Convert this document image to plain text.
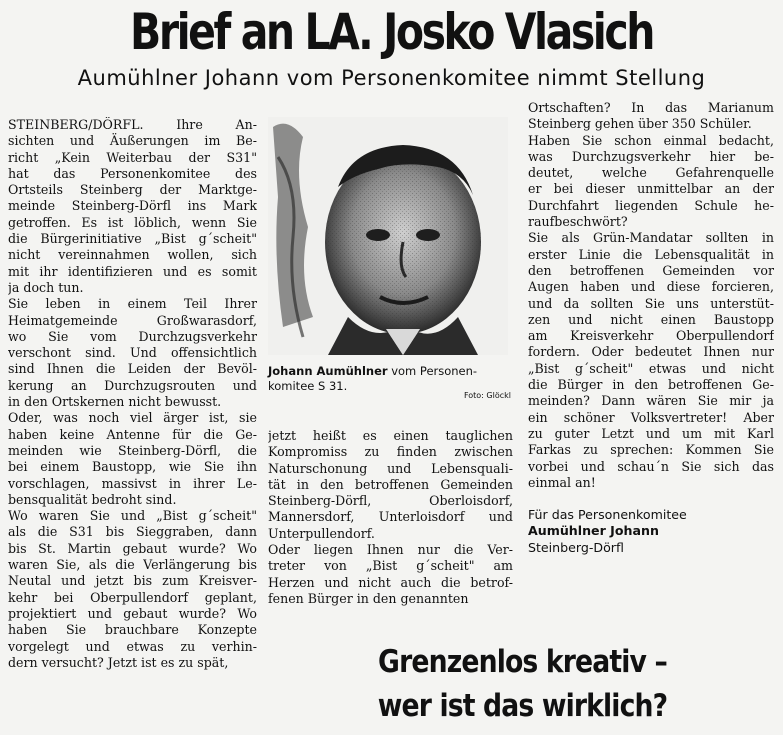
Brief an LA. Josko Vlasich
Aumühlner Johann vom Personenkomitee nimmt Stellung
STEINBERG/DÖRFL. Ihre An-
sichten und Äußerungen im Be-
richt „Kein Weiterbau der S31"
hat das Personenkomitee des
Ortsteils Steinberg der Marktge-
meinde Steinberg-Dörfl ins Mark
getroffen. Es ist löblich, wenn Sie
die Bürgerinitiative „Bist g´scheit"
nicht vereinnahmen wollen, sich
mit ihr identifizieren und es somit
ja doch tun.
Sie leben in einem Teil Ihrer
Heimatgemeinde Großwarasdorf,
wo Sie vom Durchzugsverkehr
verschont sind. Und offensichtlich
sind Ihnen die Leiden der Bevöl-
kerung an Durchzugsrouten und
in den Ortskernen nicht bewusst.
Oder, was noch viel ärger ist, sie
haben keine Antenne für die Ge-
meinden wie Steinberg-Dörfl, die
bei einem Baustopp, wie Sie ihn
vorschlagen, massivst in ihrer Le-
bensqualität bedroht sind.
Wo waren Sie und „Bist g´scheit"
als die S31 bis Sieggraben, dann
bis St. Martin gebaut wurde? Wo
waren Sie, als die Verlängerung bis
Neutal und jetzt bis zum Kreisver-
kehr bei Oberpullendorf geplant,
projektiert und gebaut wurde? Wo
haben Sie brauchbare Konzepte
vorgelegt und etwas zu verhin-
dern versucht? Jetzt ist es zu spät,
Johann Aumühlner vom Personen-
komitee S 31.
Foto: Glöckl
jetzt heißt es einen tauglichen
Kompromiss zu finden zwischen
Naturschonung und Lebensquali-
tät in den betroffenen Gemeinden
Steinberg-Dörfl, Oberloisdorf,
Mannersdorf, Unterloisdorf und
Unterpullendorf.
Oder liegen Ihnen nur die Ver-
treter von „Bist g´scheit" am
Herzen und nicht auch die betrof-
fenen Bürger in den genannten
Ortschaften? In das Marianum
Steinberg gehen über 350 Schüler.
Haben Sie schon einmal bedacht,
was Durchzugsverkehr hier be-
deutet, welche Gefahrenquelle
er bei dieser unmittelbar an der
Durchfahrt liegenden Schule he-
raufbeschwört?
Sie als Grün-Mandatar sollten in
erster Linie die Lebensqualität in
den betroffenen Gemeinden vor
Augen haben und diese forcieren,
und da sollten Sie uns unterstüt-
zen und nicht einen Baustopp
am Kreisverkehr Oberpullendorf
fordern. Oder bedeutet Ihnen nur
„Bist g´scheit" etwas und nicht
die Bürger in den betroffenen Ge-
meinden? Dann wären Sie mir ja
ein schöner Volksvertreter! Aber
zu guter Letzt und um mit Karl
Farkas zu sprechen: Kommen Sie
vorbei und schau´n Sie sich das
einmal an!
Für das Personenkomitee
Aumühlner Johann
Steinberg-Dörfl
Grenzenlos kreativ –
wer ist das wirklich?
